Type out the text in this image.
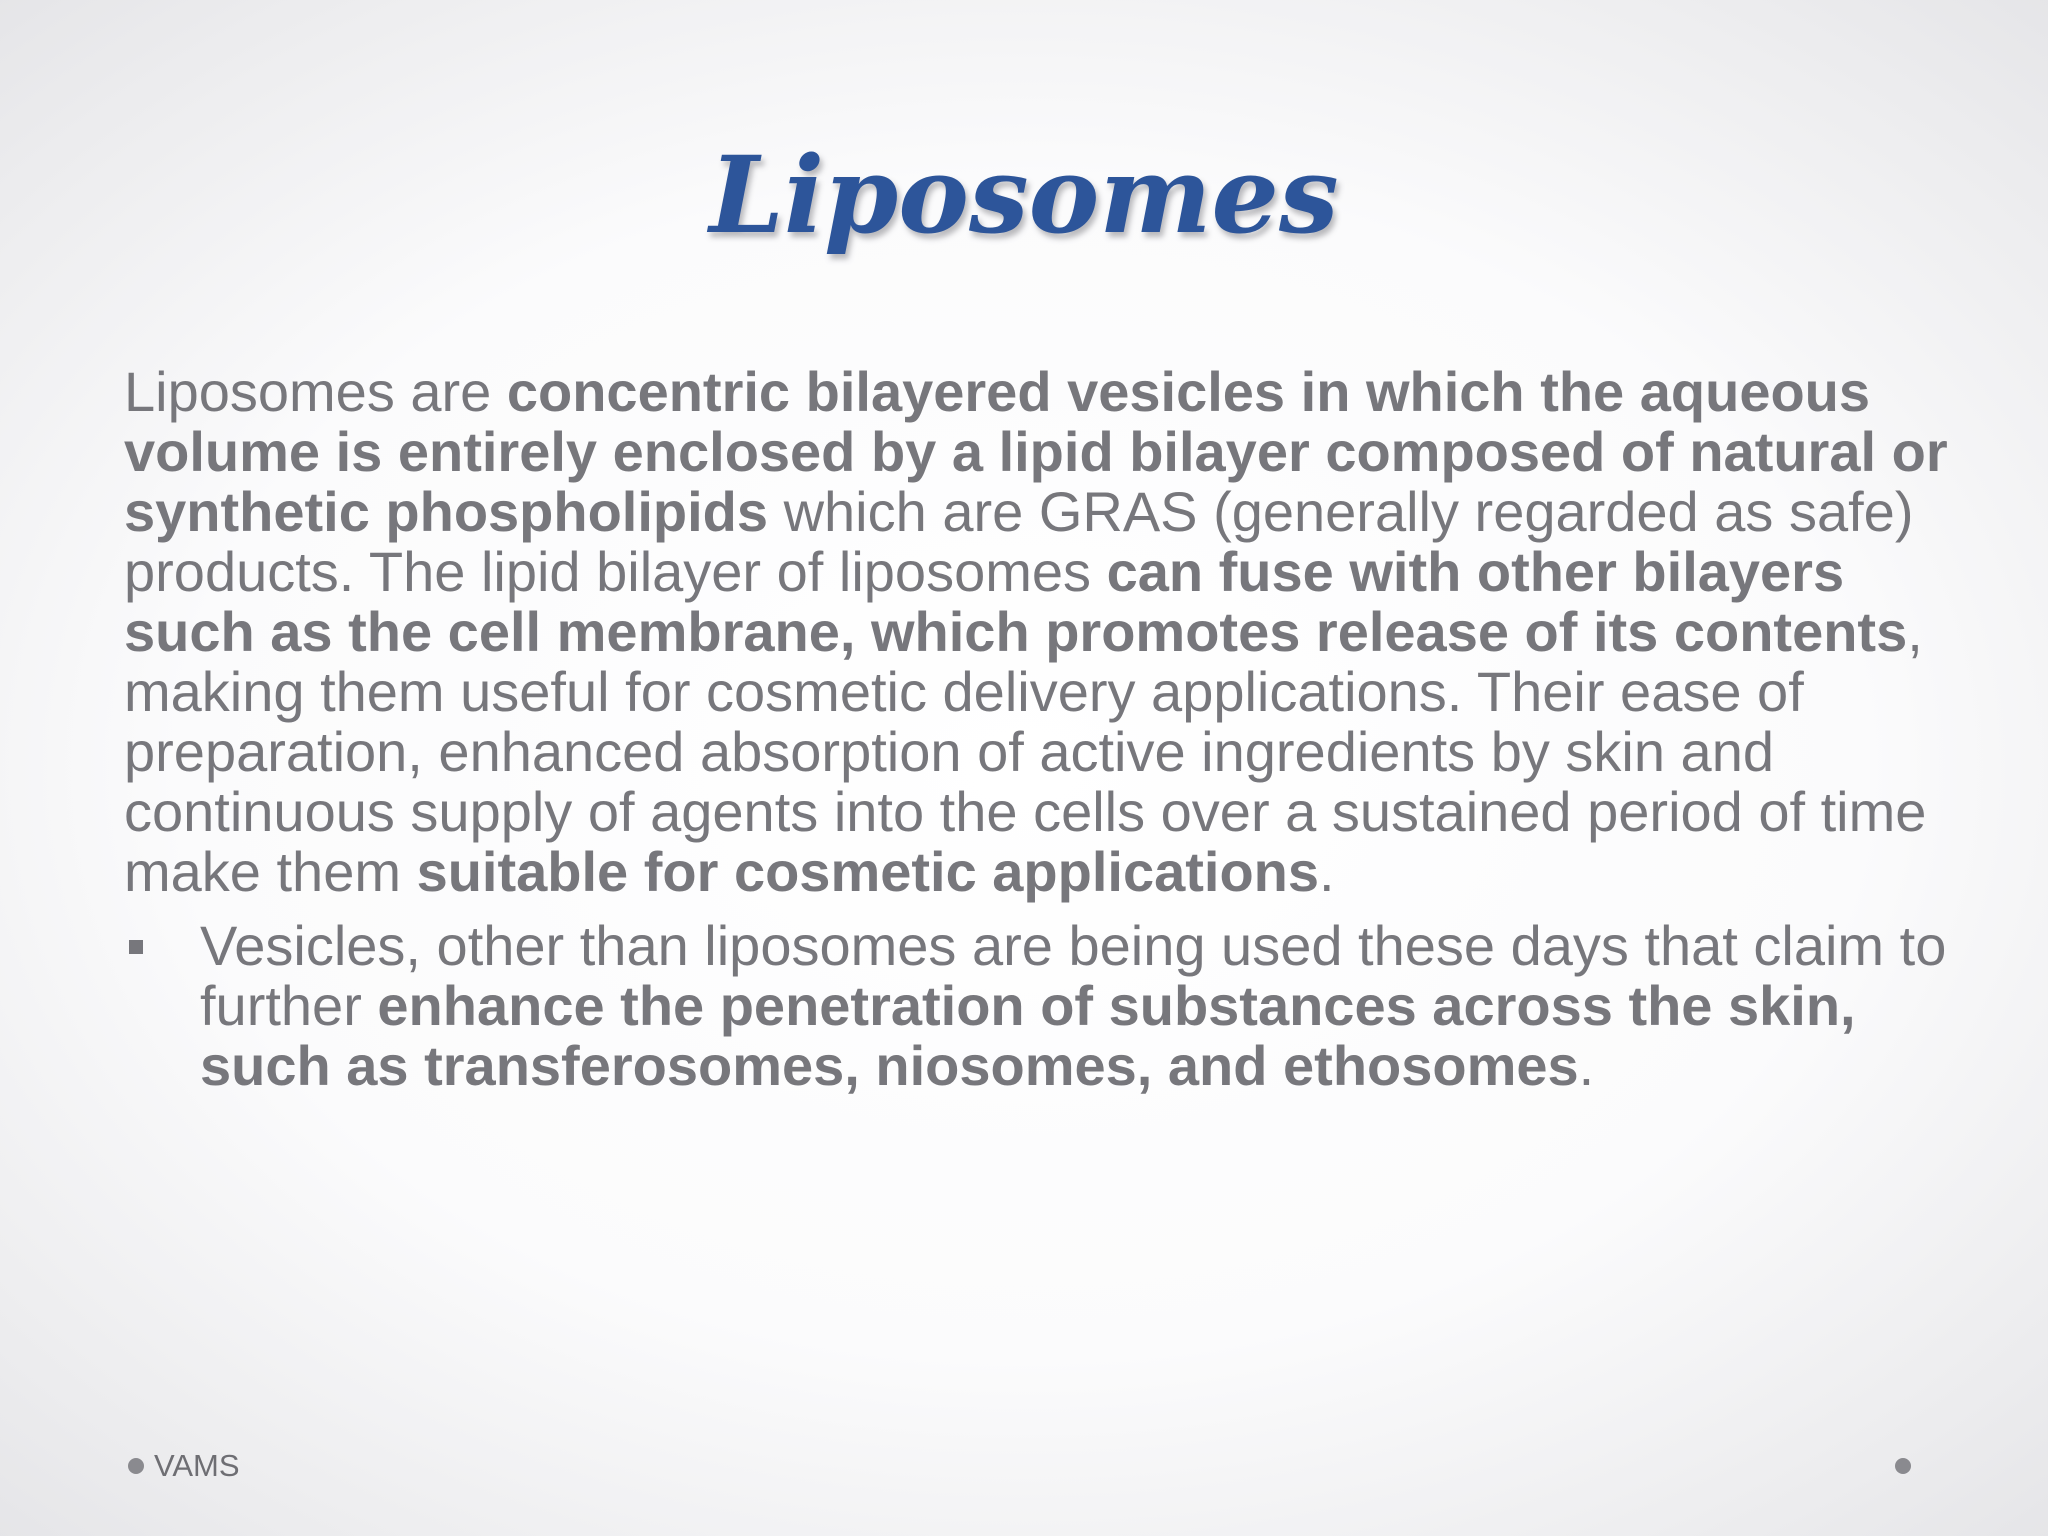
Liposomes

Liposomes are concentric bilayered vesicles in which the aqueous volume is entirely enclosed by a lipid bilayer composed of natural or synthetic phospholipids which are GRAS (generally regarded as safe) products. The lipid bilayer of liposomes can fuse with other bilayers such as the cell membrane, which promotes release of its contents, making them useful for cosmetic delivery applications. Their ease of preparation, enhanced absorption of active ingredients by skin and continuous supply of agents into the cells over a sustained period of time make them suitable for cosmetic applications.

Vesicles, other than liposomes are being used these days that claim to further enhance the penetration of substances across the skin, such as transferosomes, niosomes, and ethosomes.

VAMS
